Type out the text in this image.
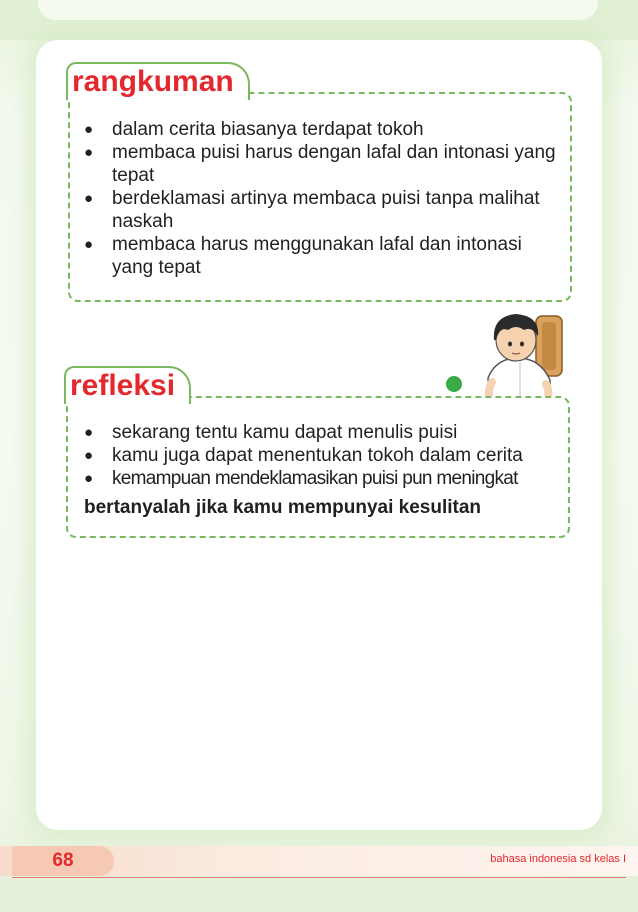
rangkuman
● dalam cerita biasanya terdapat tokoh
● membaca puisi harus dengan lafal dan intonasi yang tepat
● berdeklamasi artinya membaca puisi tanpa malihat naskah
● membaca harus menggunakan lafal dan intonasi yang tepat
refleksi
● sekarang tentu kamu dapat menulis puisi
● kamu juga dapat menentukan tokoh dalam cerita
● kemampuan mendeklamasikan puisi pun meningkat
bertanyalah jika kamu mempunyai kesulitan
68	bahasa indonesia sd kelas I
